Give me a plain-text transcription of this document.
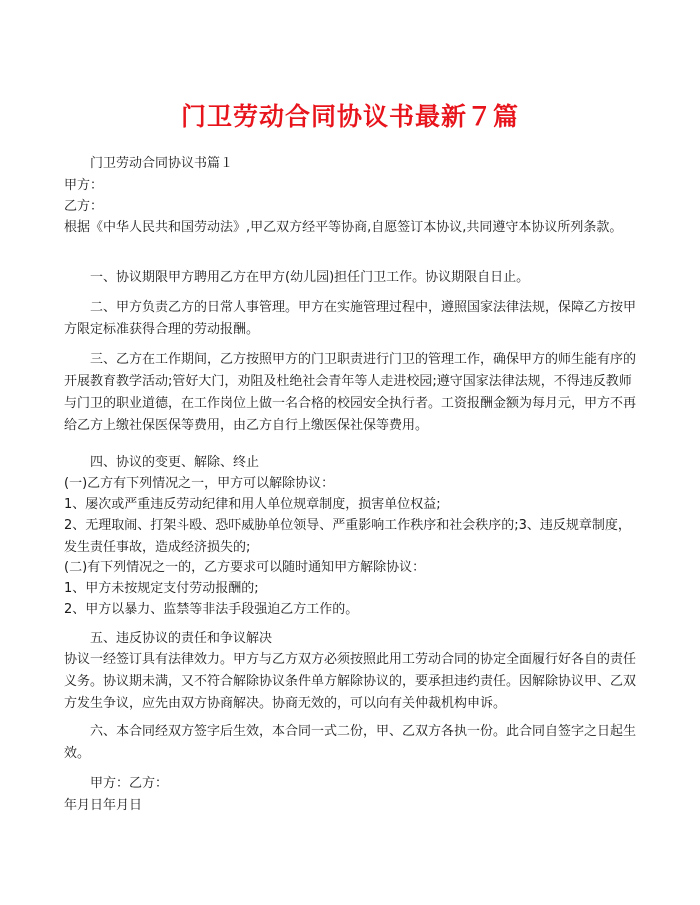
门卫劳动合同协议书最新７篇

门卫劳动合同协议书篇１

甲方：

乙方：

根据《中华人民共和国劳动法》,甲乙双方经平等协商,自愿签订本协议,共同遵守本协议所列条款。

一、协议期限甲方聘用乙方在甲方(幼儿园)担任门卫工作。协议期限自日止。

二、甲方负责乙方的日常人事管理。甲方在实施管理过程中，遵照国家法律法规，保障乙方按甲方限定标准获得合理的劳动报酬。

三、乙方在工作期间，乙方按照甲方的门卫职责进行门卫的管理工作，确保甲方的师生能有序的开展教育教学活动;管好大门，劝阻及杜绝社会青年等人走进校园;遵守国家法律法规，不得违反教师与门卫的职业道德，在工作岗位上做一名合格的校园安全执行者。工资报酬金额为每月元，甲方不再给乙方上缴社保医保等费用，由乙方自行上缴医保社保等费用。

四、协议的变更、解除、终止

(一)乙方有下列情况之一，甲方可以解除协议：

1、屡次或严重违反劳动纪律和用人单位规章制度，损害单位权益;

2、无理取闹、打架斗殴、恐吓威胁单位领导、严重影响工作秩序和社会秩序的;3、违反规章制度，发生责任事故，造成经济损失的;

(二)有下列情况之一的，乙方要求可以随时通知甲方解除协议：

1、甲方未按规定支付劳动报酬的;

2、甲方以暴力、监禁等非法手段强迫乙方工作的。

五、违反协议的责任和争议解决

协议一经签订具有法律效力。甲方与乙方双方必须按照此用工劳动合同的协定全面履行好各自的责任义务。协议期未满，又不符合解除协议条件单方解除协议的，要承担违约责任。因解除协议甲、乙双方发生争议，应先由双方协商解决。协商无效的，可以向有关仲裁机构申诉。

六、本合同经双方签字后生效，本合同一式二份，甲、乙双方各执一份。此合同自签字之日起生效。

甲方：乙方：

年月日年月日
